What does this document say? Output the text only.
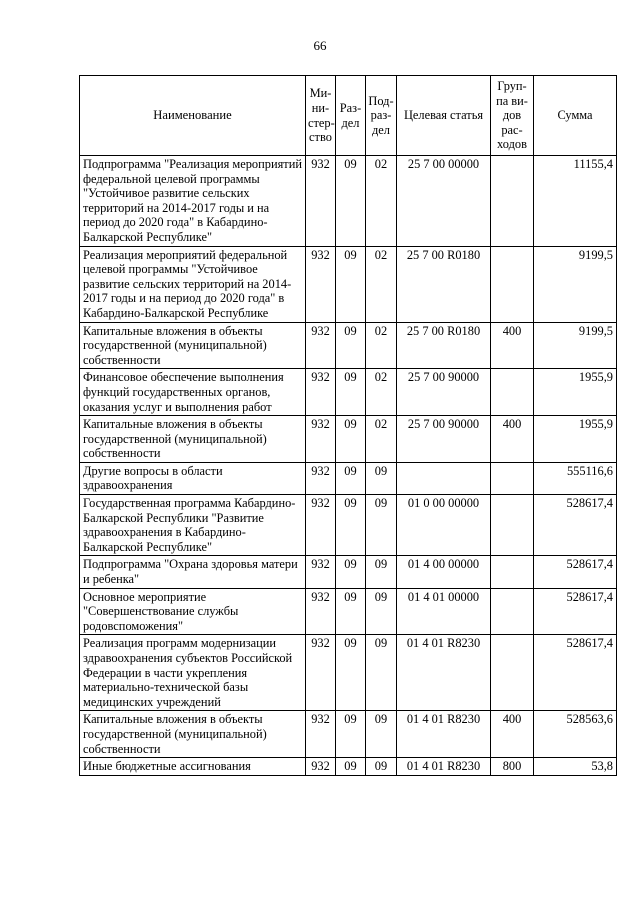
66
Наименование	Ми-ни-стер-ство	Раз-дел	Под-раз-дел	Целевая статья	Груп-па ви-дов рас-ходов	Сумма
Подпрограмма "Реализация мероприятий федеральной целевой программы "Устойчивое развитие сельских территорий на 2014-2017 годы и на период до 2020 года" в Кабардино-Балкарской Республике"	932	09	02	25 7 00 00000		11155,4
Реализация мероприятий федеральной целевой программы "Устойчивое развитие сельских территорий на 2014-2017 годы и на период до 2020 года" в Кабардино-Балкарской Республике	932	09	02	25 7 00 R0180		9199,5
Капитальные вложения в объекты государственной (муниципальной) собственности	932	09	02	25 7 00 R0180	400	9199,5
Финансовое обеспечение выполнения функций государственных органов, оказания услуг и выполнения работ	932	09	02	25 7 00 90000		1955,9
Капитальные вложения в объекты государственной (муниципальной) собственности	932	09	02	25 7 00 90000	400	1955,9
Другие вопросы в области здравоохранения	932	09	09			555116,6
Государственная программа Кабардино-Балкарской Республики "Развитие здравоохранения в Кабардино-Балкарской Республике"	932	09	09	01 0 00 00000		528617,4
Подпрограмма "Охрана здоровья матери и ребенка"	932	09	09	01 4 00 00000		528617,4
Основное мероприятие "Совершенствование службы родовспоможения"	932	09	09	01 4 01 00000		528617,4
Реализация программ модернизации здравоохранения субъектов Российской Федерации в части укрепления материально-технической базы медицинских учреждений	932	09	09	01 4 01 R8230		528617,4
Капитальные вложения в объекты государственной (муниципальной) собственности	932	09	09	01 4 01 R8230	400	528563,6
Иные бюджетные ассигнования	932	09	09	01 4 01 R8230	800	53,8
